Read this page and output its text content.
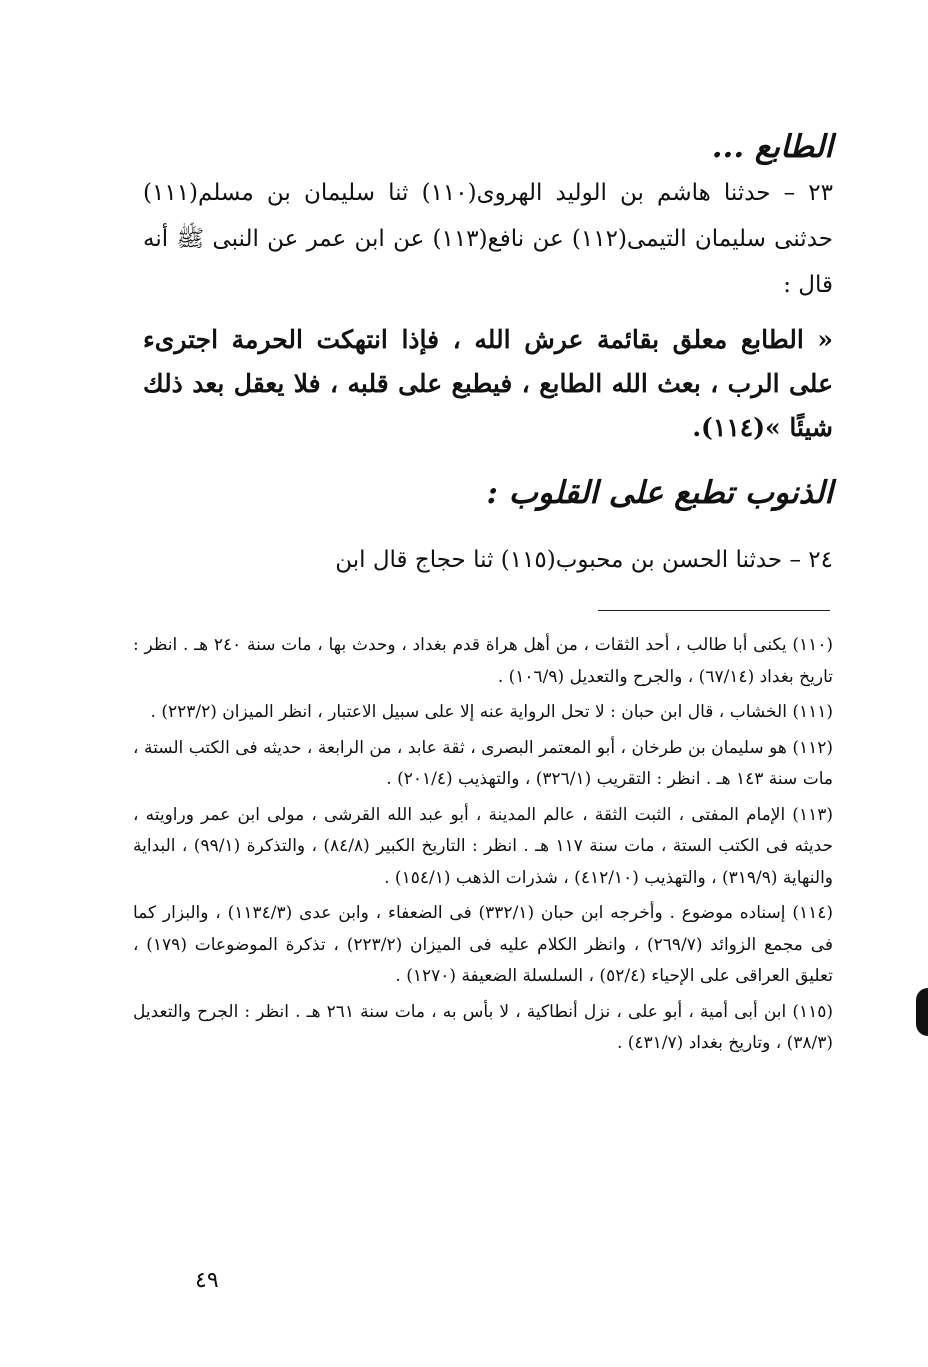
الطابع ...
٢٣ – حدثنا هاشم بن الوليد الهروى(١١٠) ثنا سليمان بن مسلم(١١١) حدثنى سليمان التيمى(١١٢) عن نافع(١١٣) عن ابن عمر عن النبى ﷺ أنه قال :
« الطابع معلق بقائمة عرش الله ، فإذا انتهكت الحرمة اجترىء على الرب ، بعث الله الطابع ، فيطبع على قلبه ، فلا يعقل بعد ذلك شيئًا »(١١٤).
الذنوب تطبع على القلوب :
٢٤ – حدثنا الحسن بن محبوب(١١٥) ثنا حجاج قال ابن

(١١٠) يكنى أبا طالب ، أحد الثقات ، من أهل هراة قدم بغداد ، وحدث بها ، مات سنة ٢٤٠ هـ . انظر : تاريخ بغداد (٦٧/١٤) ، والجرح والتعديل (١٠٦/٩) .

(١١١) الخشاب ، قال ابن حبان : لا تحل الرواية عنه إلا على سبيل الاعتبار ، انظر الميزان (٢٢٣/٢) .

(١١٢) هو سليمان بن طرخان ، أبو المعتمر البصرى ، ثقة عابد ، من الرابعة ، حديثه فى الكتب الستة ، مات سنة ١٤٣ هـ . انظر : التقريب (٣٢٦/١) ، والتهذيب (٢٠١/٤) .

(١١٣) الإمام المفتى ، الثبت الثقة ، عالم المدينة ، أبو عبد الله القرشى ، مولى ابن عمر وراويته ، حديثه فى الكتب الستة ، مات سنة ١١٧ هـ . انظر : التاريخ الكبير (٨٤/٨) ، والتذكرة (٩٩/١) ، البداية والنهاية (٣١٩/٩) ، والتهذيب (٤١٢/١٠) ، شذرات الذهب (١٥٤/١) .

(١١٤) إسناده موضوع . وأخرجه ابن حبان (٣٣٢/١) فى الضعفاء ، وابن عدى (١١٣٤/٣) ، والبزار كما فى مجمع الزوائد (٢٦٩/٧) ، وانظر الكلام عليه فى الميزان (٢٢٣/٢) ، تذكرة الموضوعات (١٧٩) ، تعليق العراقى على الإحياء (٥٢/٤) ، السلسلة الضعيفة (١٢٧٠) .

(١١٥) ابن أبى أمية ، أبو على ، نزل أنطاكية ، لا بأس به ، مات سنة ٢٦١ هـ . انظر : الجرح والتعديل (٣٨/٣) ، وتاريخ بغداد (٤٣١/٧) .

٤٩
